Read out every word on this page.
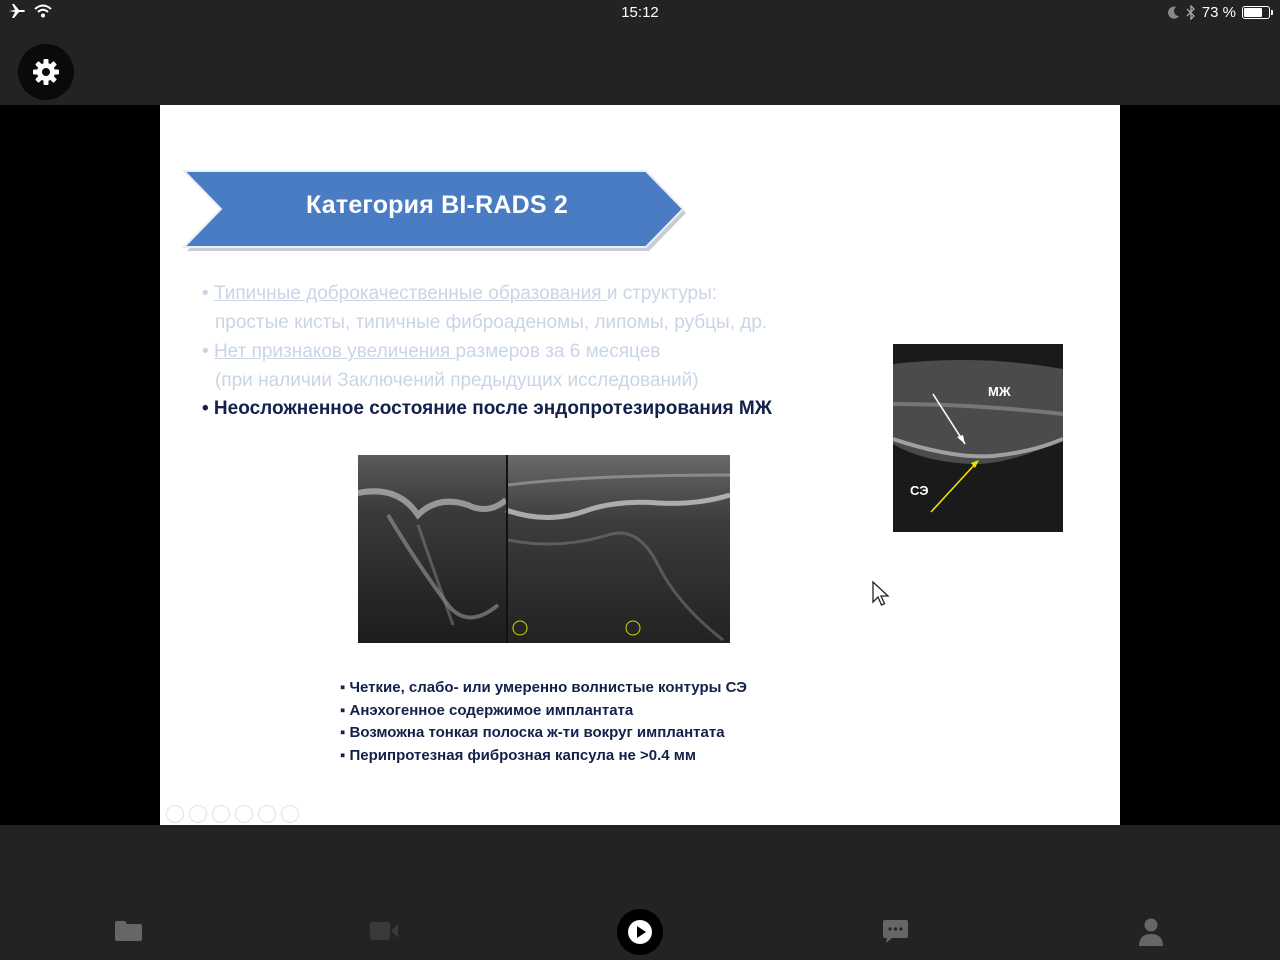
15:12	73 %
Категория BI-RADS 2
• Типичные доброкачественные образования и структуры:
простые кисты, типичные фиброаденомы, липомы, рубцы, др.
• Нет признаков увеличения размеров за 6 месяцев
(при наличии Заключений предыдущих исследований)
• Неосложненное состояние после эндопротезирования МЖ
МЖ
СЭ
▪ Четкие, слабо- или умеренно волнистые контуры СЭ
▪ Анэхогенное содержимое имплантата
▪ Возможна тонкая полоска ж-ти вокруг имплантата
▪ Перипротезная фиброзная капсула не >0.4 мм
